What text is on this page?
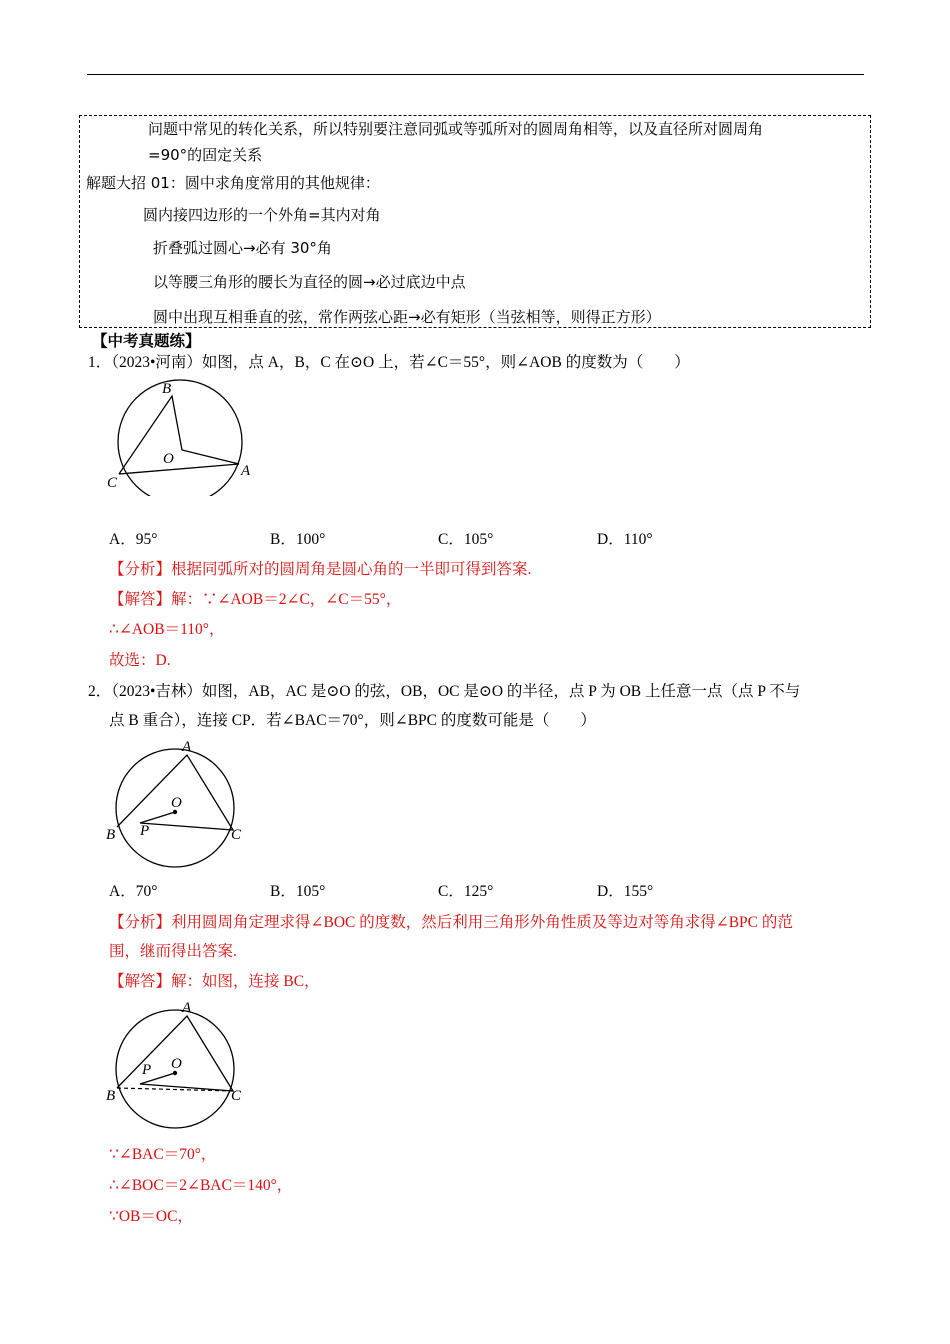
问题中常见的转化关系，所以特别要注意同弧或等弧所对的圆周角相等，以及直径所对圆周角
=90°的固定关系
解题大招 01：圆中求角度常用的其他规律：
圆内接四边形的一个外角=其内对角
折叠弧过圆心→必有 30°角
以等腰三角形的腰长为直径的圆→必过底边中点
圆中出现互相垂直的弦，常作两弦心距→必有矩形（当弦相等，则得正方形）
【中考真题练】
1．（2023•河南）如图，点 A，B，C 在⊙O 上，若∠C＝55°，则∠AOB 的度数为（　　）
B
O
A
C
A．95°	B．100°	C．105°	D．110°
【分析】根据同弧所对的圆周角是圆心角的一半即可得到答案.
【解答】解：∵∠AOB＝2∠C，∠C＝55°，
∴∠AOB＝110°，
故选：D.
2．（2023•吉林）如图，AB，AC 是⊙O 的弦，OB，OC 是⊙O 的半径，点 P 为 OB 上任意一点（点 P 不与
点 B 重合），连接 CP．若∠BAC＝70°，则∠BPC 的度数可能是（　　）
A
O
P
B	C
A．70°	B．105°	C．125°	D．155°
【分析】利用圆周角定理求得∠BOC 的度数，然后利用三角形外角性质及等边对等角求得∠BPC 的范
围，继而得出答案.
【解答】解：如图，连接 BC，
A
O
P
B	C
∵∠BAC＝70°，
∴∠BOC＝2∠BAC＝140°，
∵OB＝OC，
